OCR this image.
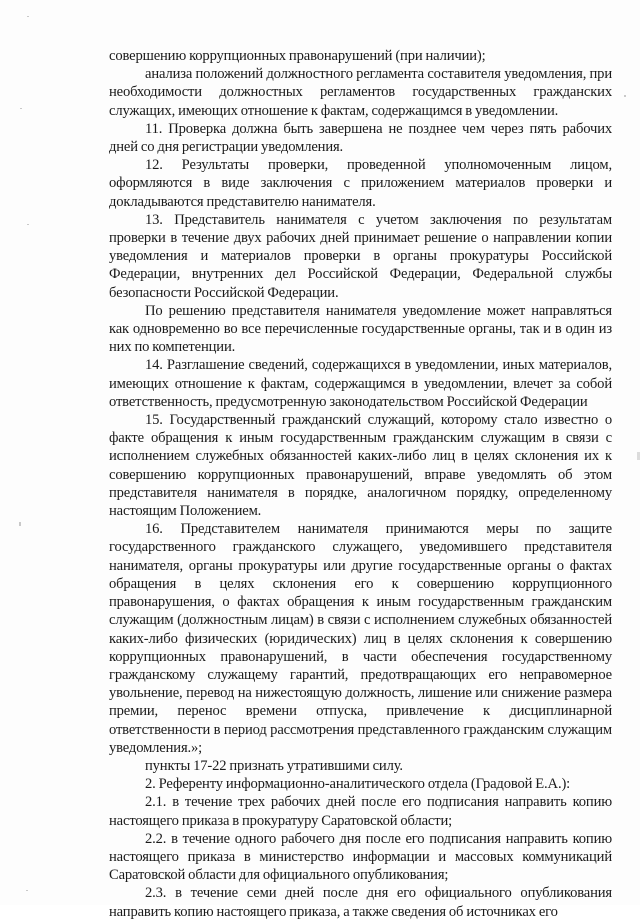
совершению коррупционных правонарушений (при наличии);

анализа положений должностного регламента составителя уведомления, при необходимости должностных регламентов государственных гражданских служащих, имеющих отношение к фактам, содержащимся в уведомлении.

11. Проверка должна быть завершена не позднее чем через пять рабочих дней со дня регистрации уведомления.

12. Результаты проверки, проведенной уполномоченным лицом, оформляются в виде заключения с приложением материалов проверки и докладываются представителю нанимателя.

13. Представитель нанимателя с учетом заключения по результатам проверки в течение двух рабочих дней принимает решение о направлении копии уведомления и материалов проверки в органы прокуратуры Российской Федерации, внутренних дел Российской Федерации, Федеральной службы безопасности Российской Федерации.

По решению представителя нанимателя уведомление может направляться как одновременно во все перечисленные государственные органы, так и в один из них по компетенции.

14. Разглашение сведений, содержащихся в уведомлении, иных материалов, имеющих отношение к фактам, содержащимся в уведомлении, влечет за собой ответственность, предусмотренную законодательством Российской Федерации

15. Государственный гражданский служащий, которому стало известно о факте обращения к иным государственным гражданским служащим в связи с исполнением служебных обязанностей каких-либо лиц в целях склонения их к совершению коррупционных правонарушений, вправе уведомлять об этом представителя нанимателя в порядке, аналогичном порядку, определенному настоящим Положением.

16. Представителем нанимателя принимаются меры по защите государственного гражданского служащего, уведомившего представителя нанимателя, органы прокуратуры или другие государственные органы о фактах обращения в целях склонения его к совершению коррупционного правонарушения, о фактах обращения к иным государственным гражданским служащим (должностным лицам) в связи с исполнением служебных обязанностей каких-либо физических (юридических) лиц в целях склонения к совершению коррупционных правонарушений, в части обеспечения государственному гражданскому служащему гарантий, предотвращающих его неправомерное увольнение, перевод на нижестоящую должность, лишение или снижение размера премии, перенос времени отпуска, привлечение к дисциплинарной ответственности в период рассмотрения представленного гражданским служащим уведомления.»;

пункты 17-22 признать утратившими силу.

2. Референту информационно-аналитического отдела (Градовой Е.А.):

2.1. в течение трех рабочих дней после его подписания направить копию настоящего приказа в прокуратуру Саратовской области;

2.2. в течение одного рабочего дня после его подписания направить копию настоящего приказа в министерство информации и массовых коммуникаций Саратовской области для официального опубликования;

2.3. в течение семи дней после дня его официального опубликования направить копию настоящего приказа, а также сведения об источниках его
